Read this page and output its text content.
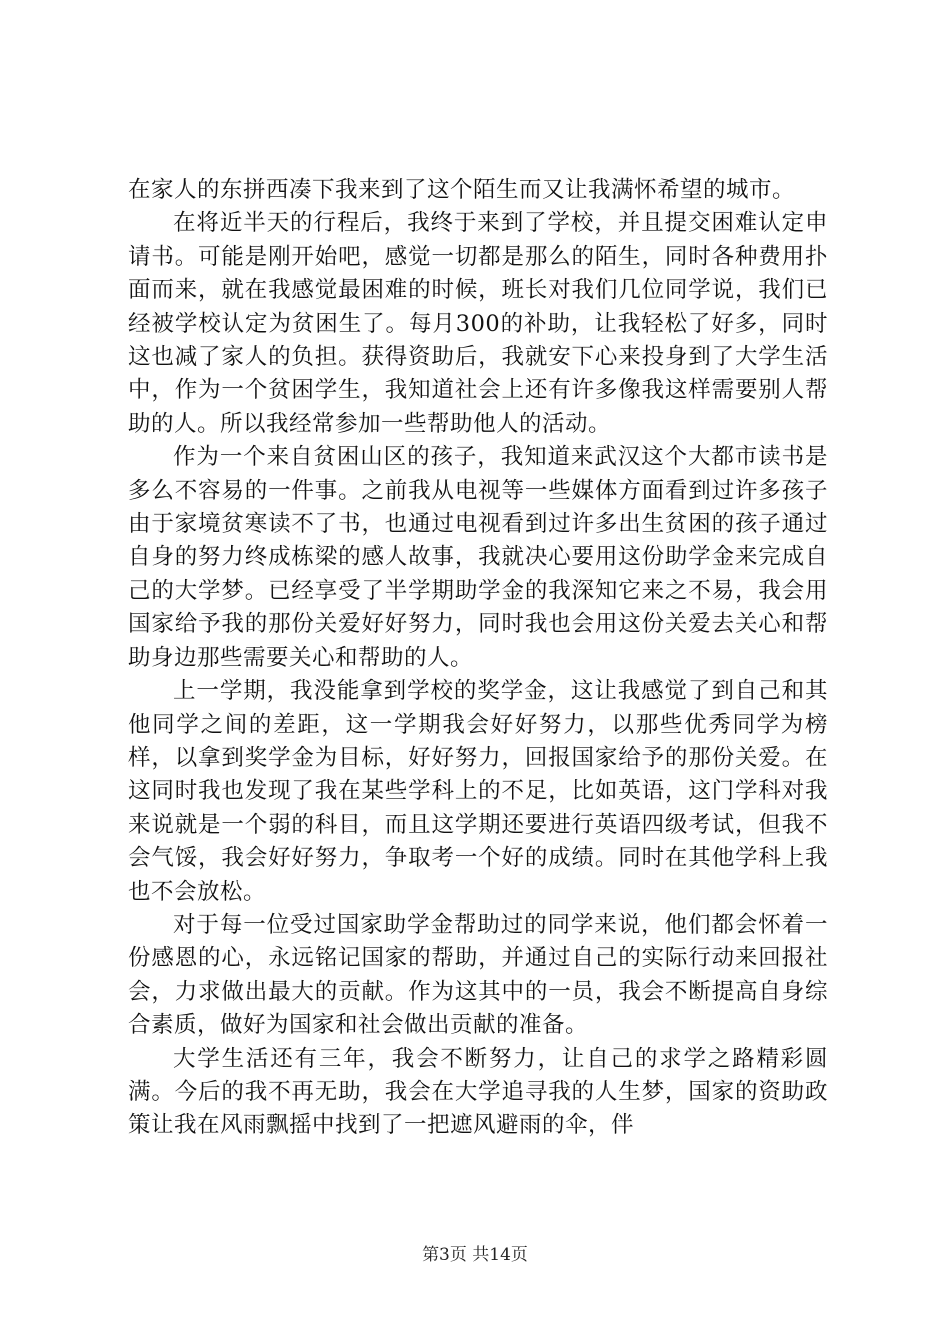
在家人的东拼西凑下我来到了这个陌生而又让我满怀希望的城市。

在将近半天的行程后，我终于来到了学校，并且提交困难认定申请书。可能是刚开始吧，感觉一切都是那么的陌生，同时各种费用扑面而来，就在我感觉最困难的时候，班长对我们几位同学说，我们已经被学校认定为贫困生了。每月300的补助，让我轻松了好多，同时这也减了家人的负担。获得资助后，我就安下心来投身到了大学生活中，作为一个贫困学生，我知道社会上还有许多像我这样需要别人帮助的人。所以我经常参加一些帮助他人的活动。

作为一个来自贫困山区的孩子，我知道来武汉这个大都市读书是多么不容易的一件事。之前我从电视等一些媒体方面看到过许多孩子由于家境贫寒读不了书，也通过电视看到过许多出生贫困的孩子通过自身的努力终成栋梁的感人故事，我就决心要用这份助学金来完成自己的大学梦。已经享受了半学期助学金的我深知它来之不易，我会用国家给予我的那份关爱好好努力，同时我也会用这份关爱去关心和帮助身边那些需要关心和帮助的人。

上一学期，我没能拿到学校的奖学金，这让我感觉了到自己和其他同学之间的差距，这一学期我会好好努力，以那些优秀同学为榜样，以拿到奖学金为目标，好好努力，回报国家给予的那份关爱。在这同时我也发现了我在某些学科上的不足，比如英语，这门学科对我来说就是一个弱的科目，而且这学期还要进行英语四级考试，但我不会气馁，我会好好努力，争取考一个好的成绩。同时在其他学科上我也不会放松。

对于每一位受过国家助学金帮助过的同学来说，他们都会怀着一份感恩的心，永远铭记国家的帮助，并通过自己的实际行动来回报社会，力求做出最大的贡献。作为这其中的一员，我会不断提高自身综合素质，做好为国家和社会做出贡献的准备。

大学生活还有三年，我会不断努力，让自己的求学之路精彩圆满。今后的我不再无助，我会在大学追寻我的人生梦，国家的资助政策让我在风雨飘摇中找到了一把遮风避雨的伞，伴

第3页 共14页
